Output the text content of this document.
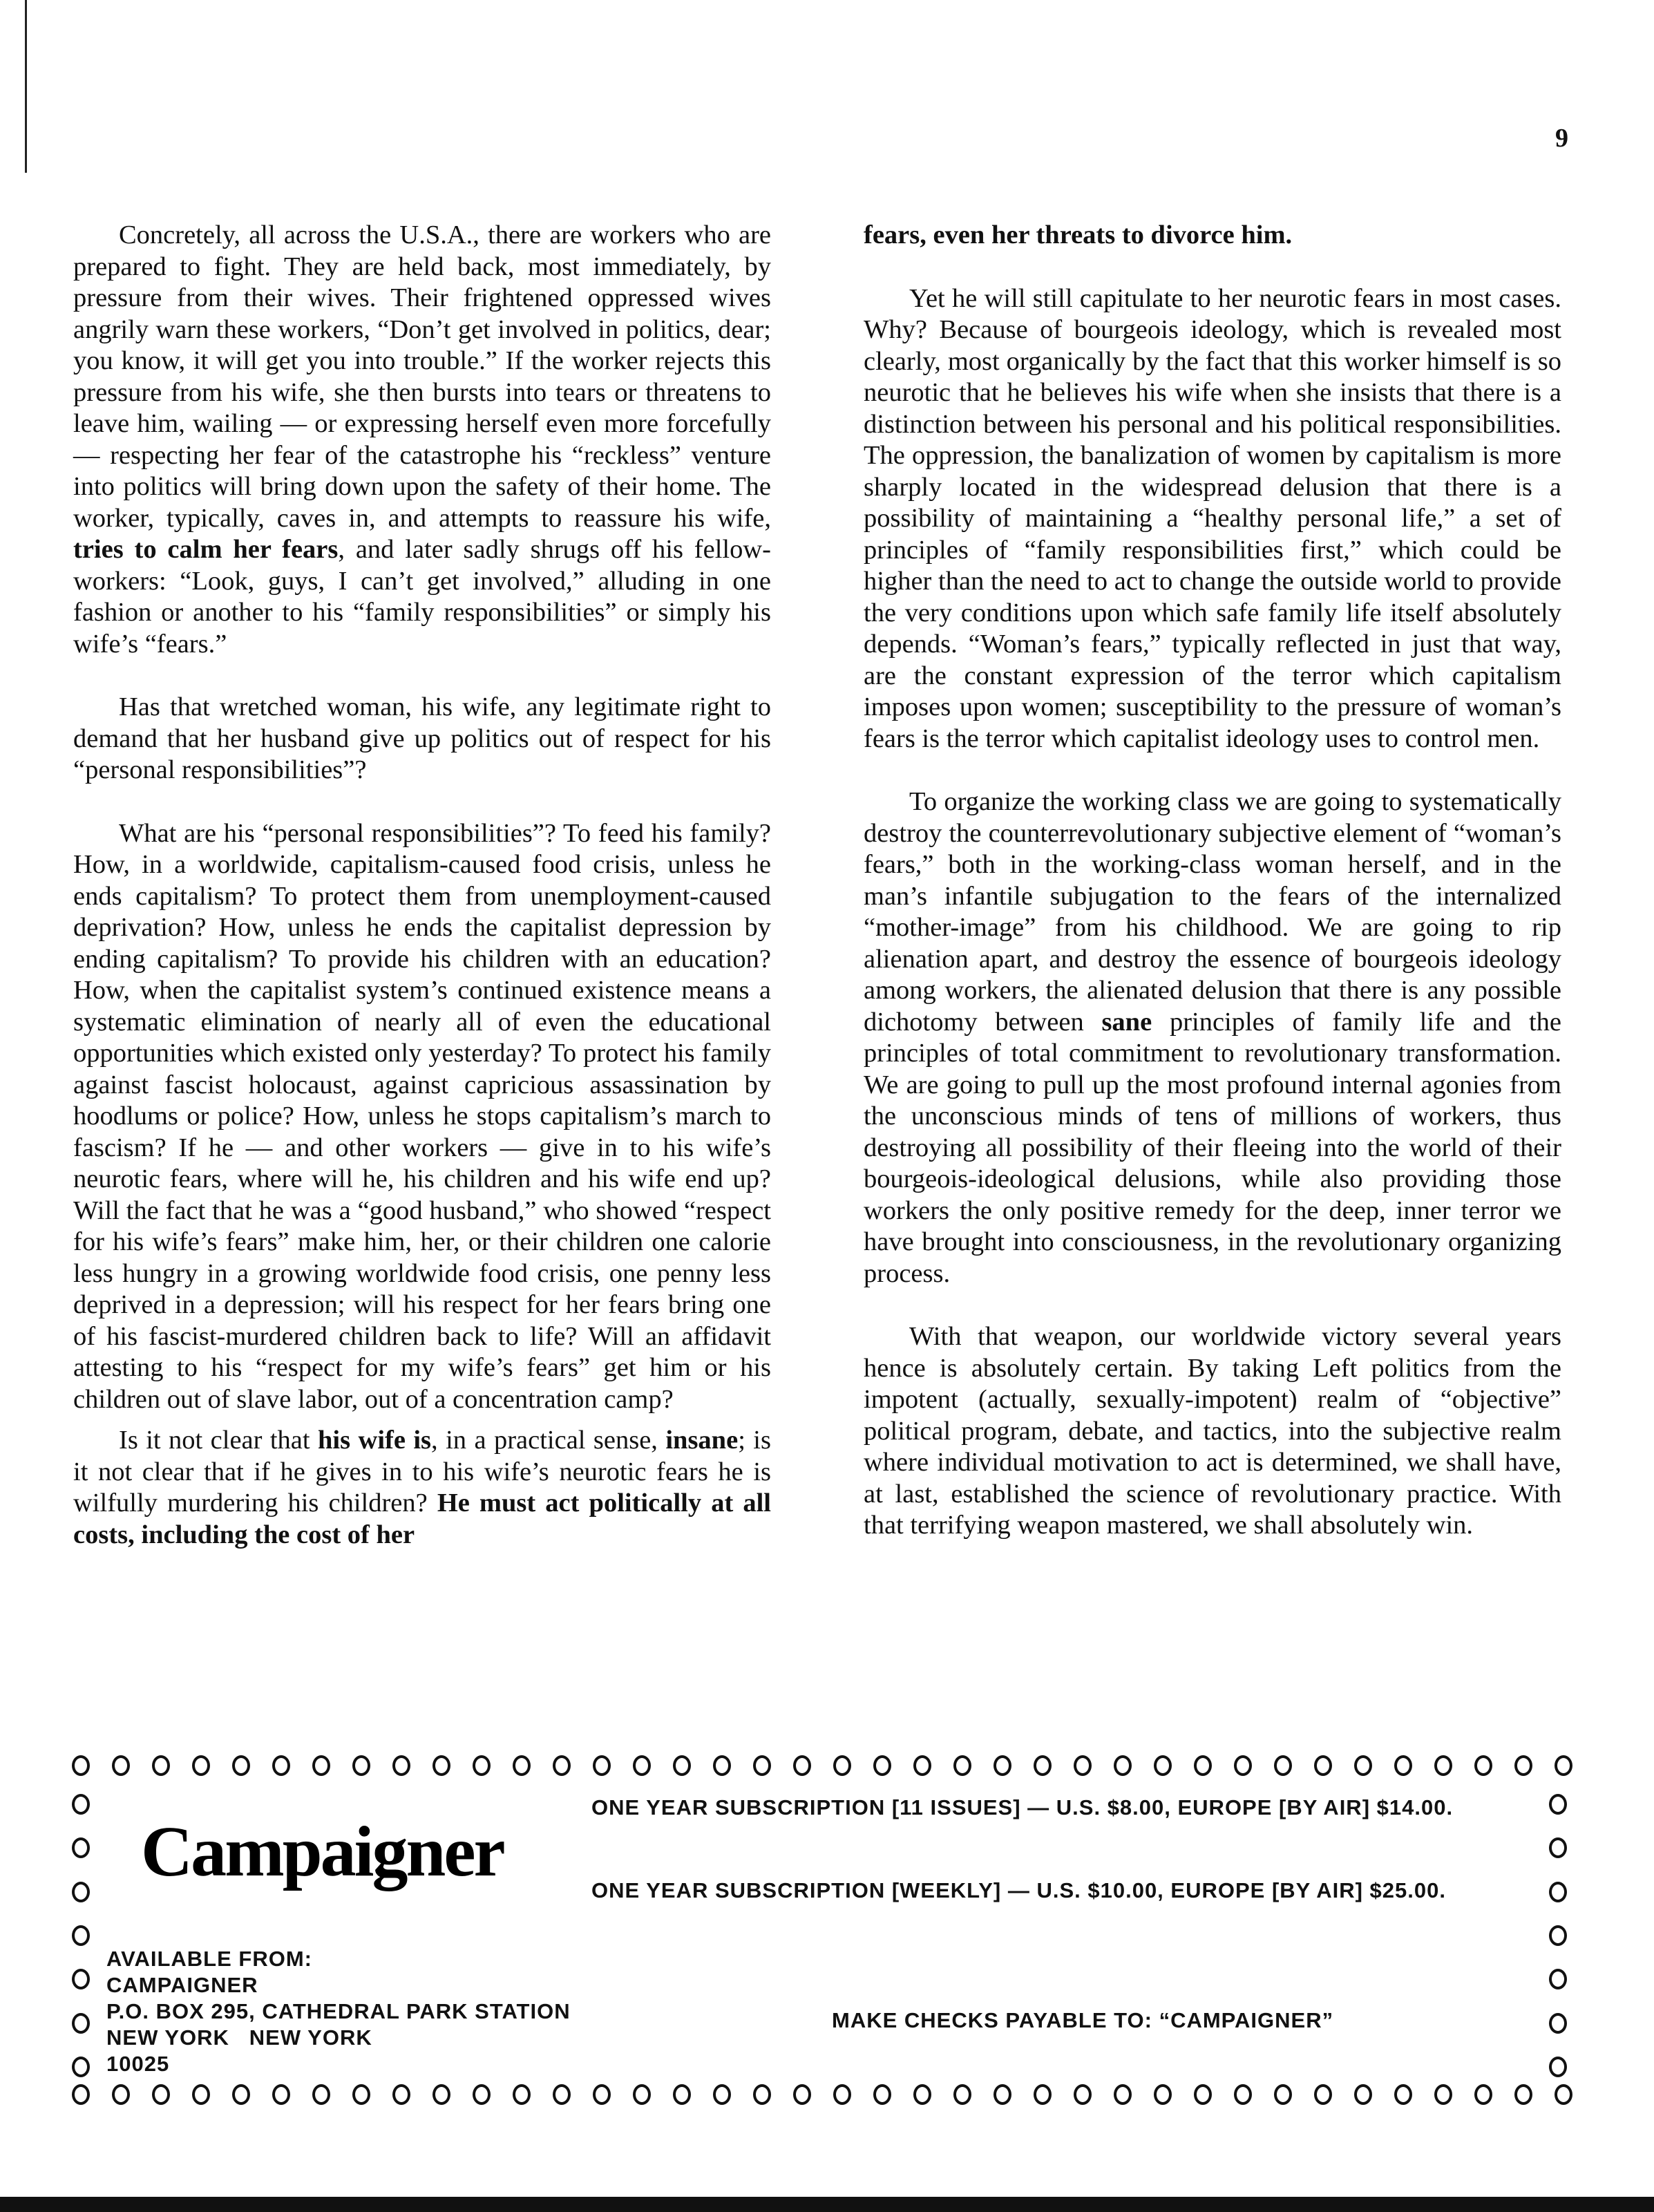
9

Concretely, all across the U.S.A., there are workers who are prepared to fight. They are held back, most immediately, by pressure from their wives. Their frightened oppressed wives angrily warn these workers, “Don’t get involved in politics, dear; you know, it will get you into trouble.” If the worker rejects this pressure from his wife, she then bursts into tears or threatens to leave him, wailing — or expressing herself even more forcefully — respecting her fear of the catastrophe his “reckless” venture into politics will bring down upon the safety of their home. The worker, typically, caves in, and attempts to reassure his wife, tries to calm her fears, and later sadly shrugs off his fellow-workers: “Look, guys, I can’t get involved,” alluding in one fashion or another to his “family responsibilities” or simply his wife’s “fears.”

Has that wretched woman, his wife, any legitimate right to demand that her husband give up politics out of respect for his “personal responsibilities”?

What are his “personal responsibilities”? To feed his family? How, in a worldwide, capitalism-caused food crisis, unless he ends capitalism? To protect them from unemployment-caused deprivation? How, unless he ends the capitalist depression by ending capitalism? To provide his children with an education? How, when the capitalist system’s continued existence means a systematic elimination of nearly all of even the educational opportunities which existed only yesterday? To protect his family against fascist holocaust, against capricious assassination by hoodlums or police? How, unless he stops capitalism’s march to fascism? If he — and other workers — give in to his wife’s neurotic fears, where will he, his children and his wife end up? Will the fact that he was a “good husband,” who showed “respect for his wife’s fears” make him, her, or their children one calorie less hungry in a growing worldwide food crisis, one penny less deprived in a depression; will his respect for her fears bring one of his fascist-murdered children back to life? Will an affidavit attesting to his “respect for my wife’s fears” get him or his children out of slave labor, out of a concentration camp?

Is it not clear that his wife is, in a practical sense, insane; is it not clear that if he gives in to his wife’s neurotic fears he is wilfully murdering his children? He must act politically at all costs, including the cost of her

fears, even her threats to divorce him.

Yet he will still capitulate to her neurotic fears in most cases. Why? Because of bourgeois ideology, which is revealed most clearly, most organically by the fact that this worker himself is so neurotic that he believes his wife when she insists that there is a distinction between his personal and his political responsibilities. The oppression, the banalization of women by capitalism is more sharply located in the widespread delusion that there is a possibility of maintaining a “healthy personal life,” a set of principles of “family responsibilities first,” which could be higher than the need to act to change the outside world to provide the very conditions upon which safe family life itself absolutely depends. “Woman’s fears,” typically reflected in just that way, are the constant expression of the terror which capitalism imposes upon women; susceptibility to the pressure of woman’s fears is the terror which capitalist ideology uses to control men.

To organize the working class we are going to systematically destroy the counterrevolutionary subjective element of “woman’s fears,” both in the working-class woman herself, and in the man’s infantile subjugation to the fears of the internalized “mother-image” from his childhood. We are going to rip alienation apart, and destroy the essence of bourgeois ideology among workers, the alienated delusion that there is any possible dichotomy between sane principles of family life and the principles of total commitment to revolutionary transformation. We are going to pull up the most profound internal agonies from the unconscious minds of tens of millions of workers, thus destroying all possibility of their fleeing into the world of their bourgeois-ideological delusions, while also providing those workers the only positive remedy for the deep, inner terror we have brought into consciousness, in the revolutionary organizing process.

With that weapon, our worldwide victory several years hence is absolutely certain. By taking Left politics from the impotent (actually, sexually-impotent) realm of “objective” political program, debate, and tactics, into the subjective realm where individual motivation to act is determined, we shall have, at last, established the science of revolutionary practice. With that terrifying weapon mastered, we shall absolutely win.

Campaigner
ONE YEAR SUBSCRIPTION [11 ISSUES] — U.S. $8.00, EUROPE [BY AIR] $14.00.
ONE YEAR SUBSCRIPTION [WEEKLY] — U.S. $10.00, EUROPE [BY AIR] $25.00.
AVAILABLE FROM:
CAMPAIGNER
P.O. BOX 295, CATHEDRAL PARK STATION
NEW YORK   NEW YORK
10025
MAKE CHECKS PAYABLE TO: “CAMPAIGNER”
